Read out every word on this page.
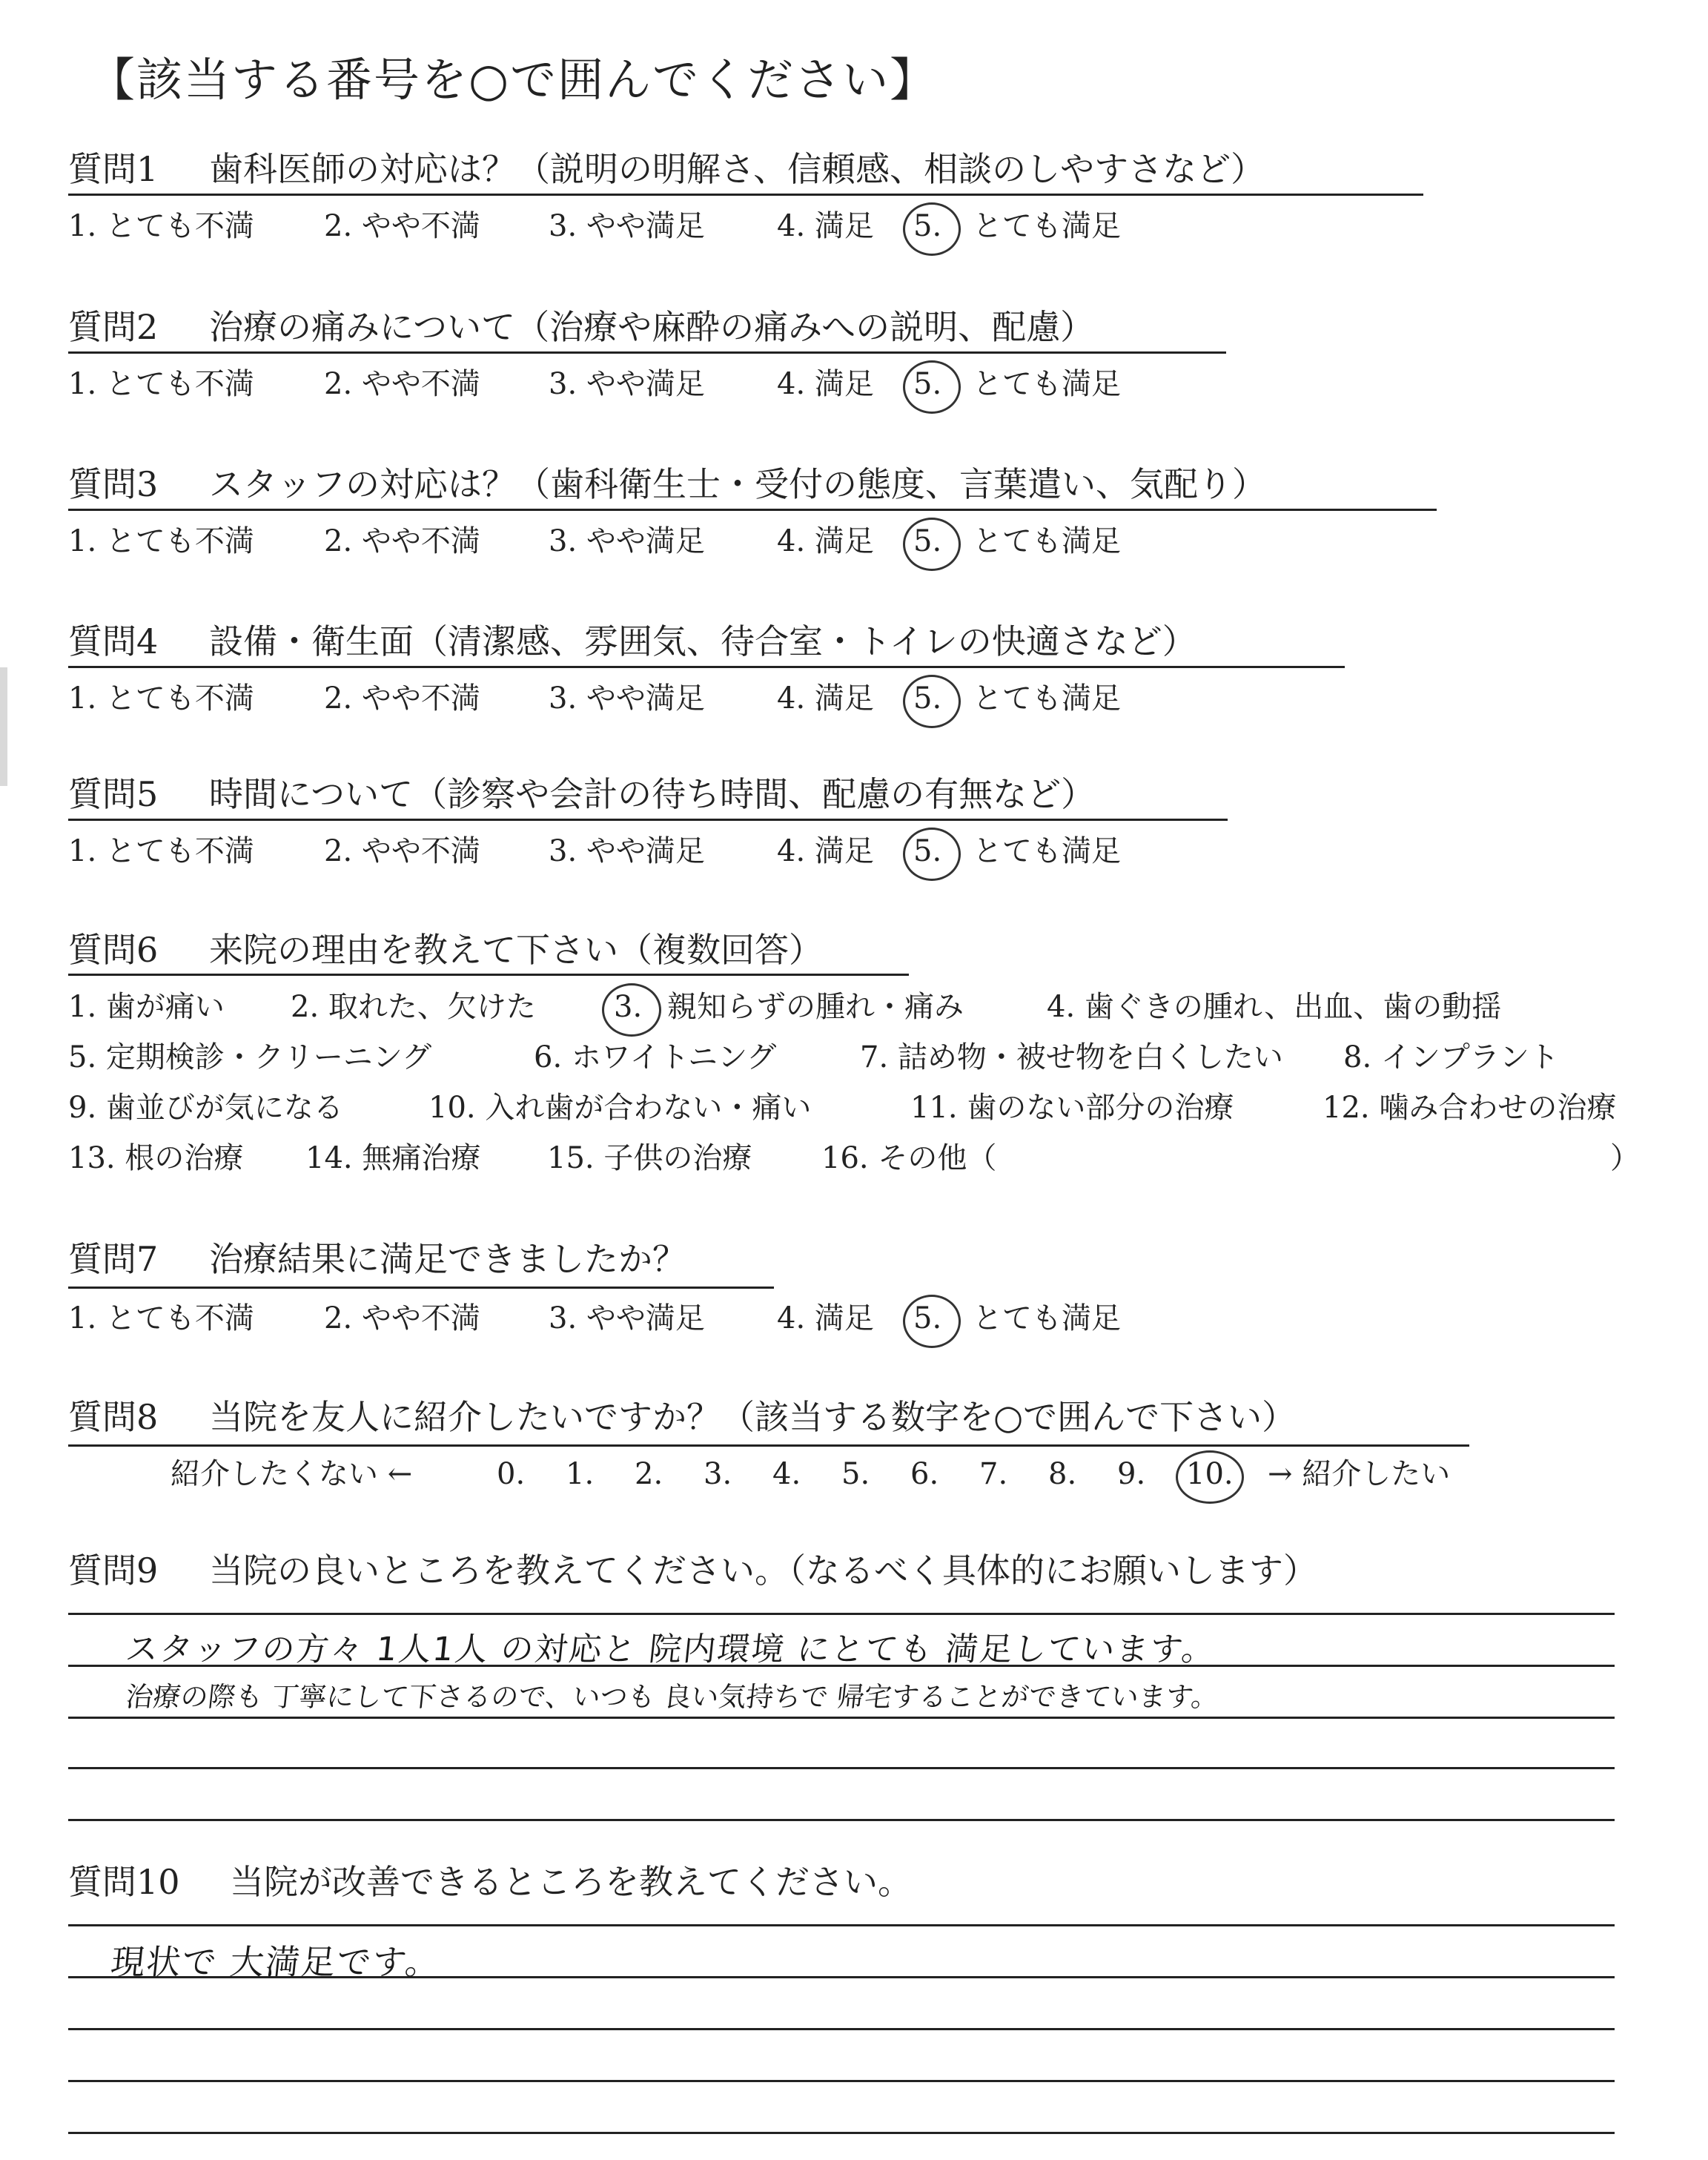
【該当する番号を○で囲んでください】
質問1 歯科医師の対応は？（説明の明解さ、信頼感、相談のしやすさなど）
1. とても不満 2. やや不満 3. やや満足 4. 満足 5. とても満足
質問2 治療の痛みについて（治療や麻酔の痛みへの説明、配慮）
1. とても不満 2. やや不満 3. やや満足 4. 満足 5. とても満足
質問3 スタッフの対応は？（歯科衛生士・受付の態度、言葉遣い、気配り）
1. とても不満 2. やや不満 3. やや満足 4. 満足 5. とても満足
質問4 設備・衛生面（清潔感、雰囲気、待合室・トイレの快適さなど）
1. とても不満 2. やや不満 3. やや満足 4. 満足 5. とても満足
質問5 時間について（診察や会計の待ち時間、配慮の有無など）
1. とても不満 2. やや不満 3. やや満足 4. 満足 5. とても満足
質問6 来院の理由を教えて下さい（複数回答）
1. 歯が痛い 2. 取れた、欠けた	3. 親知らずの腫れ・痛み	4. 歯ぐきの腫れ、出血、歯の動揺
5. 定期検診・クリーニング	6. ホワイトニング	7. 詰め物・被せ物を白くしたい 8. インプラント
9. 歯並びが気になる	10. 入れ歯が合わない・痛い	11. 歯のない部分の治療	12. 噛み合わせの治療
13. 根の治療 14. 無痛治療 15. 子供の治療 16. その他（	）
質問7 治療結果に満足できましたか？
1. とても不満 2. やや不満 3. やや満足 4. 満足 5. とても満足
質問8 当院を友人に紹介したいですか？（該当する数字を○で囲んで下さい）
紹介したくない ←	0. 1. 2. 3. 4. 5. 6. 7. 8. 9. 10. → 紹介したい
質問9 当院の良いところを教えてください。（なるべく具体的にお願いします）
スタッフの方々 1人1人 の対応と 院内環境 にとても 満足しています。
治療の際も 丁寧にして下さるので、いつも 良い気持ちで 帰宅することができています。
質問10 当院が改善できるところを教えてください。
現状で 大満足です。
